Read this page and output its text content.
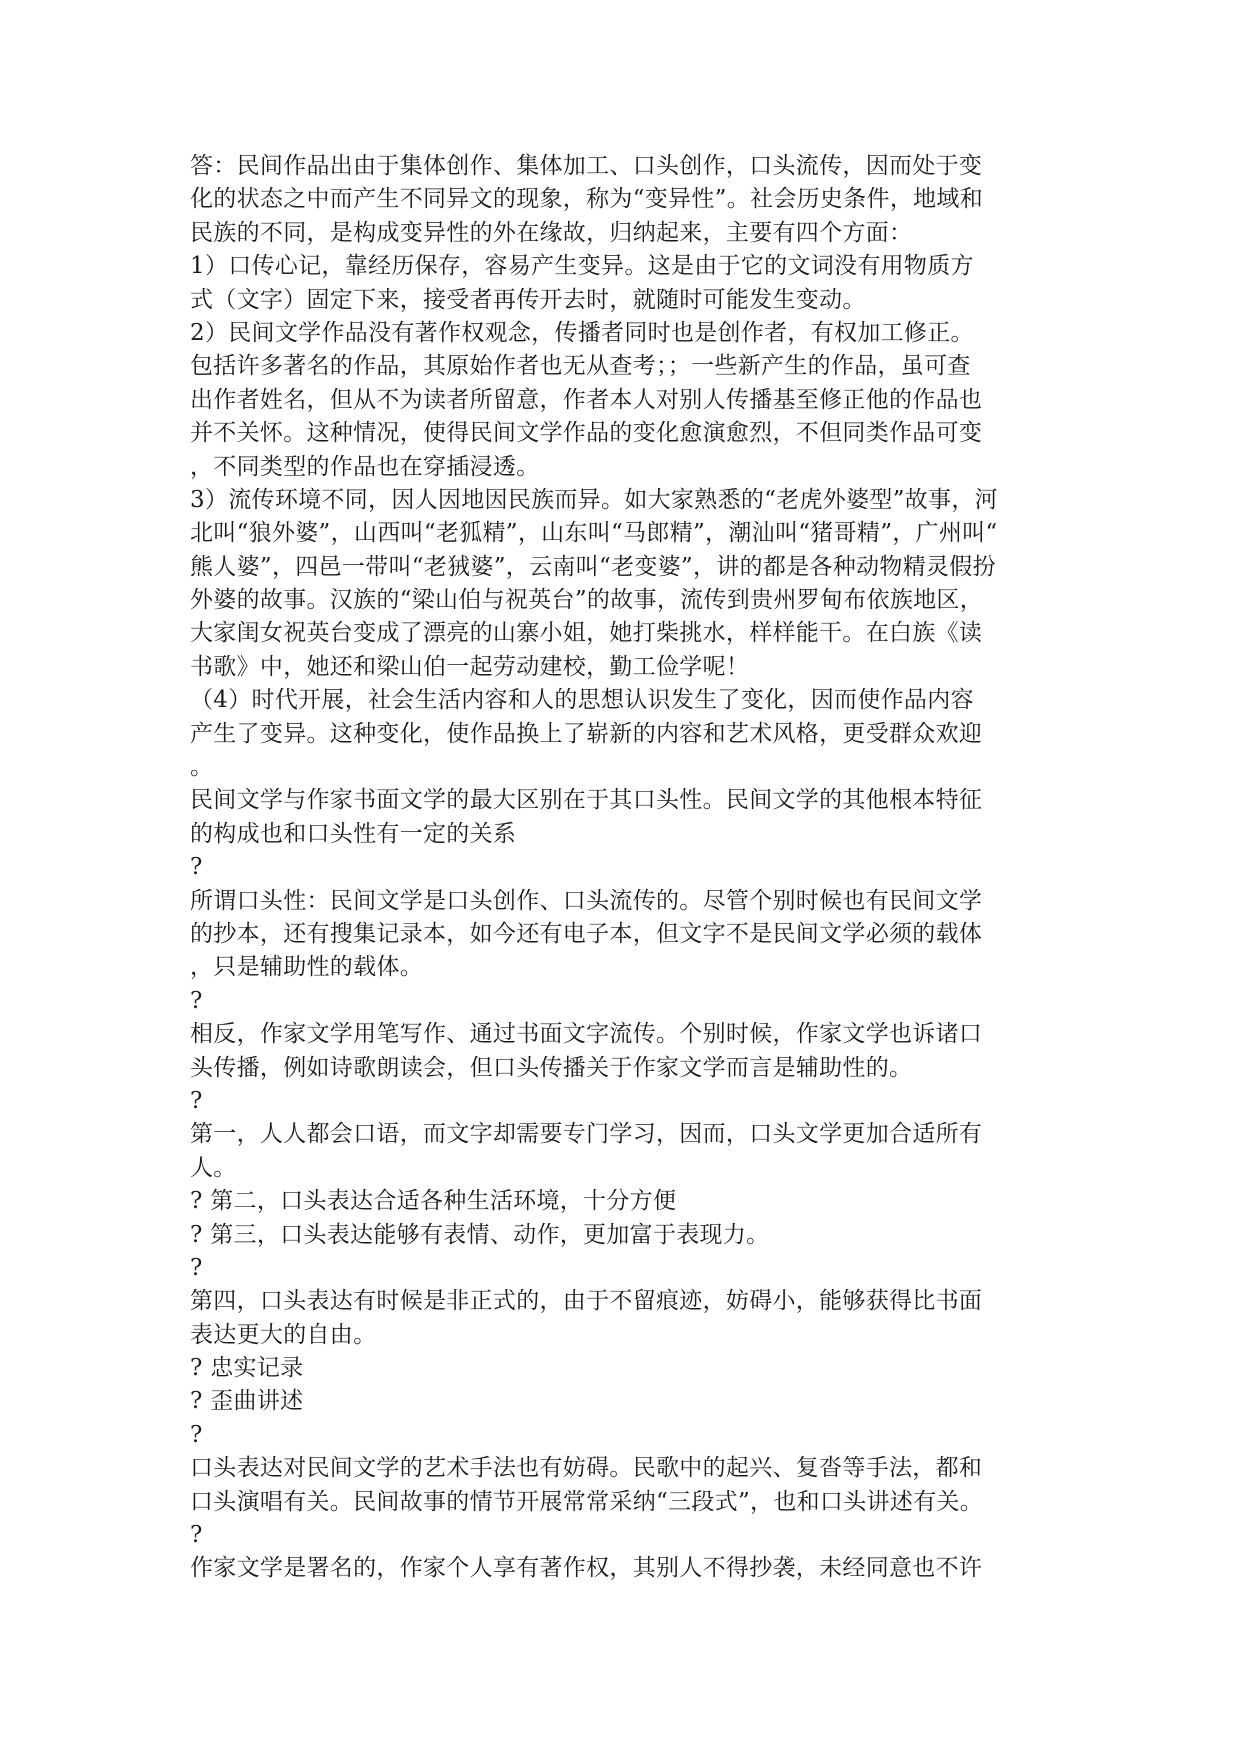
答：民间作品出由于集体创作、集体加工、口头创作，口头流传，因而处于变
化的状态之中而产生不同异文的现象，称为“变异性”。社会历史条件，地域和
民族的不同，是构成变异性的外在缘故，归纳起来，主要有四个方面：
1）口传心记，靠经历保存，容易产生变异。这是由于它的文词没有用物质方
式（文字）固定下来，接受者再传开去时，就随时可能发生变动。
2）民间文学作品没有著作权观念，传播者同时也是创作者，有权加工修正。
包括许多著名的作品，其原始作者也无从查考；；一些新产生的作品，虽可查
出作者姓名，但从不为读者所留意，作者本人对别人传播基至修正他的作品也
并不关怀。这种情况，使得民间文学作品的变化愈演愈烈，不但同类作品可变
，不同类型的作品也在穿插浸透。
3）流传环境不同，因人因地因民族而异。如大家熟悉的“老虎外婆型”故事，河
北叫“狼外婆”，山西叫“老狐精”，山东叫“马郎精”，潮汕叫“猪哥精”，广州叫“
熊人婆”，四邑一带叫“老狨婆”，云南叫“老变婆”，讲的都是各种动物精灵假扮
外婆的故事。汉族的“梁山伯与祝英台”的故事，流传到贵州罗甸布依族地区，
大家闺女祝英台变成了漂亮的山寨小姐，她打柴挑水，样样能干。在白族《读
书歌》中，她还和梁山伯一起劳动建校，勤工俭学呢！
（4）时代开展，社会生活内容和人的思想认识发生了变化，因而使作品内容
产生了变异。这种变化，使作品换上了崭新的内容和艺术风格，更受群众欢迎
。
民间文学与作家书面文学的最大区别在于其口头性。民间文学的其他根本特征
的构成也和口头性有一定的关系
?
所谓口头性：民间文学是口头创作、口头流传的。尽管个别时候也有民间文学
的抄本，还有搜集记录本，如今还有电子本，但文字不是民间文学必须的载体
，只是辅助性的载体。
?
相反，作家文学用笔写作、通过书面文字流传。个别时候，作家文学也诉诸口
头传播，例如诗歌朗读会，但口头传播关于作家文学而言是辅助性的。
?
第一，人人都会口语，而文字却需要专门学习，因而，口头文学更加合适所有
人。
? 第二，口头表达合适各种生活环境，十分方便
? 第三，口头表达能够有表情、动作，更加富于表现力。
?
第四，口头表达有时候是非正式的，由于不留痕迹，妨碍小，能够获得比书面
表达更大的自由。
? 忠实记录
? 歪曲讲述
?
口头表达对民间文学的艺术手法也有妨碍。民歌中的起兴、复沓等手法，都和
口头演唱有关。民间故事的情节开展常常采纳“三段式”，也和口头讲述有关。
?
作家文学是署名的，作家个人享有著作权，其别人不得抄袭，未经同意也不许
